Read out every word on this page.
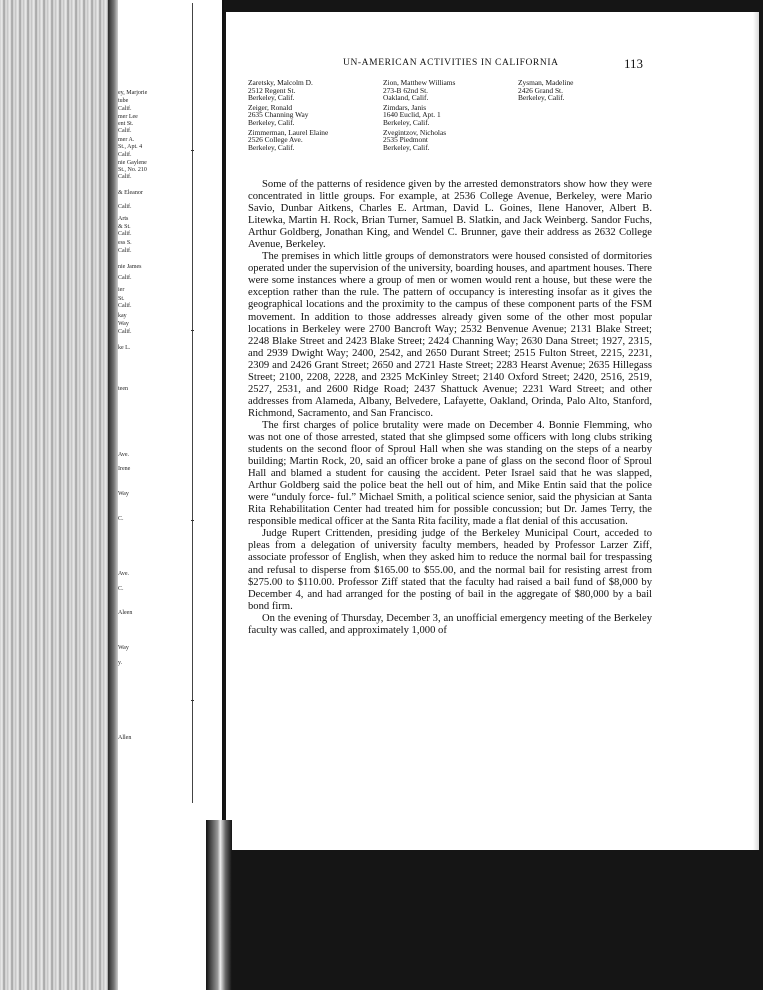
ey, Marjorie
tube
Calif.
mer Lee
ent St.
Calif.
mer A.
St., Apt. 4
Calif.
nie Gaylene
St., No. 210
Calif.
& Eleanor
Calif.
Arts
& St.
Calif.
ess S.
Calif.
nie James
Calif.
ier
St.
Calif.
kay
Way
Calif.
ke L.
teen
Ave.
Irene
Way
C.
Ave.
C.
Aleen
Way
y.
Allen
UN-AMERICAN ACTIVITIES IN CALIFORNIA	113
Zaretsky, Malcolm D.
2512 Regent St.
Berkeley, Calif.
Zeiger, Ronald
2635 Channing Way
Berkeley, Calif.
Zimmerman, Laurel Elaine
2526 College Ave.
Berkeley, Calif.
Zion, Matthew Williams
273-B 62nd St.
Oakland, Calif.
Zimdars, Janis
1640 Euclid, Apt. 1
Berkeley, Calif.
Zvegintzov, Nicholas
2535 Piedmont
Berkeley, Calif.
Zysman, Madeline
2426 Grand St.
Berkeley, Calif.

Some of the patterns of residence given by the arrested demonstrators show how they were concentrated in little groups. For example, at 2536 College Avenue, Berkeley, were Mario Savio, Dunbar Aitkens, Charles E. Artman, David L. Goines, Ilene Hanover, Albert B. Litewka, Martin H. Rock, Brian Turner, Samuel B. Slatkin, and Jack Weinberg. Sandor Fuchs, Arthur Goldberg, Jonathan King, and Wendel C. Brunner, gave their address as 2632 College Avenue, Berkeley.

The premises in which little groups of demonstrators were housed consisted of dormitories operated under the supervision of the university, boarding houses, and apartment houses. There were some instances where a group of men or women would rent a house, but these were the exception rather than the rule. The pattern of occupancy is interesting insofar as it gives the geographical locations and the proximity to the campus of these component parts of the FSM movement. In addition to those addresses already given some of the other most popular locations in Berkeley were 2700 Bancroft Way; 2532 Benvenue Avenue; 2131 Blake Street; 2248 Blake Street and 2423 Blake Street; 2424 Channing Way; 2630 Dana Street; 1927, 2315, and 2939 Dwight Way; 2400, 2542, and 2650 Durant Street; 2515 Fulton Street, 2215, 2231, 2309 and 2426 Grant Street; 2650 and 2721 Haste Street; 2283 Hearst Avenue; 2635 Hillegass Street; 2100, 2208, 2228, and 2325 McKinley Street; 2140 Oxford Street; 2420, 2516, 2519, 2527, 2531, and 2600 Ridge Road; 2437 Shattuck Avenue; 2231 Ward Street; and other addresses from Alameda, Albany, Belvedere, Lafayette, Oakland, Orinda, Palo Alto, Stanford, Richmond, Sacramento, and San Francisco.

The first charges of police brutality were made on December 4. Bonnie Flemming, who was not one of those arrested, stated that she glimpsed some officers with long clubs striking students on the second floor of Sproul Hall when she was standing on the steps of a nearby building; Martin Rock, 20, said an officer broke a pane of glass on the second floor of Sproul Hall and blamed a student for causing the accident. Peter Israel said that he was slapped, Arthur Goldberg said the police beat the hell out of him, and Mike Entin said that the police were “unduly force- ful.” Michael Smith, a political science senior, said the physician at Santa Rita Rehabilitation Center had treated him for possible concussion; but Dr. James Terry, the responsible medical officer at the Santa Rita facility, made a flat denial of this accusation.

Judge Rupert Crittenden, presiding judge of the Berkeley Municipal Court, acceded to pleas from a delegation of university faculty members, headed by Professor Larzer Ziff, associate professor of English, when they asked him to reduce the normal bail for trespassing and refusal to disperse from $165.00 to $55.00, and the normal bail for resisting arrest from $275.00 to $110.00. Professor Ziff stated that the faculty had raised a bail fund of $8,000 by December 4, and had arranged for the posting of bail in the aggregate of $80,000 by a bail bond firm.

On the evening of Thursday, December 3, an unofficial emergency meeting of the Berkeley faculty was called, and approximately 1,000 of
